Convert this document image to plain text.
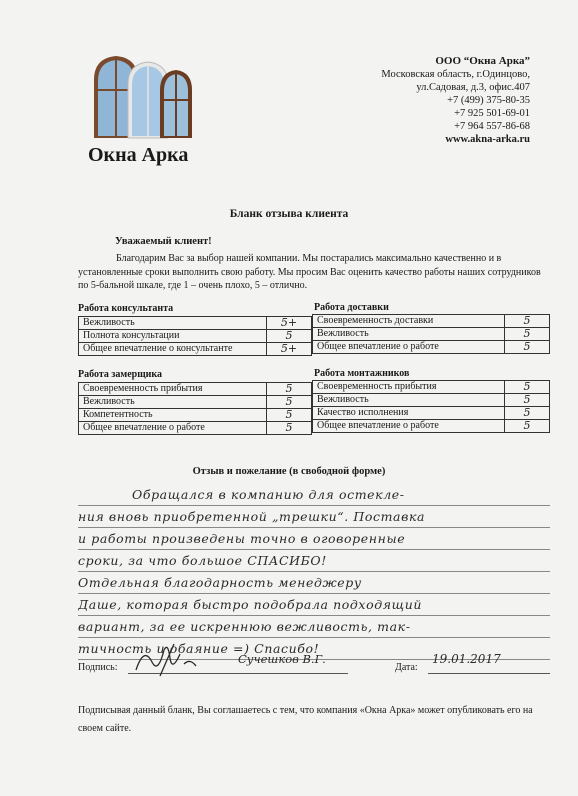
Окна Арка
ООО “Окна Арка”
Московская область, г.Одинцово,
ул.Садовая, д.3, офис.407
+7 (499) 375-80-35
+7 925 501-69-01
+7 964 557-86-68
www.akna-arka.ru
Бланк отзыва клиента
Уважаемый клиент!
Благодарим Вас за выбор нашей компании. Мы постарались максимально качественно и в установленные сроки выполнить свою работу. Мы просим Вас оценить качество работы наших сотрудников по 5-бальной шкале, где 1 – очень плохо, 5 – отлично.
Работа консультанта
Вежливость	5+
Полнота консультации	5
Общее впечатление о консультанте	5+
Работа доставки
Своевременность доставки	5
Вежливость	5
Общее впечатление о работе	5
Работа замерщика
Своевременность прибытия	5
Вежливость	5
Компетентность	5
Общее впечатление о работе	5
Работа монтажников
Своевременность прибытия	5
Вежливость	5
Качество исполнения	5
Общее впечатление о работе	5
Отзыв и пожелание (в свободной форме)
Обращался в компанию для остекле-
ния вновь приобретенной „трешки“. Поставка
и работы произведены точно в оговоренные
сроки, за что большое СПАСИБО!
Отдельная благодарность менеджеру
Даше, которая быстро подобрала подходящий
вариант, за ее искреннюю вежливость, так-
тичность и обаяние =) Спасибо!
Подпись:
Сучешков В.Г.
Дата:
19.01.2017
Подписывая данный бланк, Вы соглашаетесь с тем, что компания «Окна Арка» может опубликовать его на своем сайте.
